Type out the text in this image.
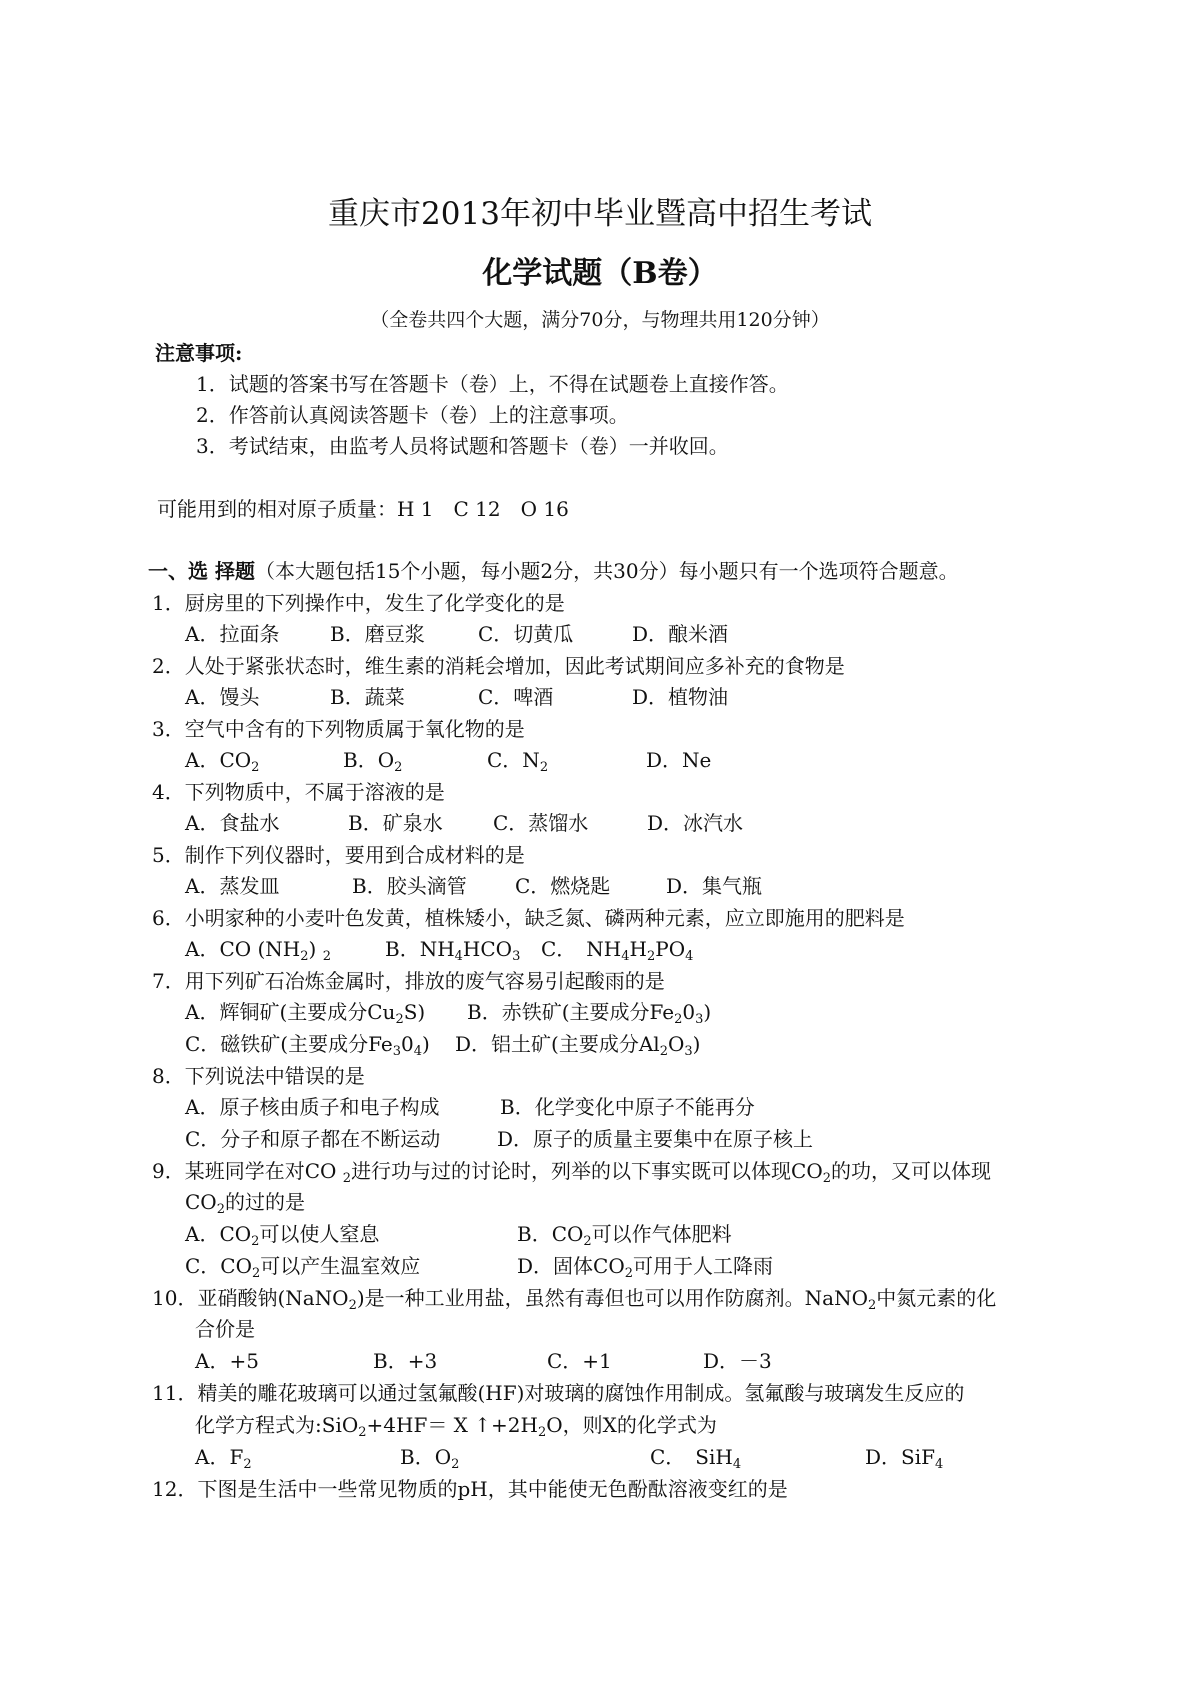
重庆市2013年初中毕业暨高中招生考试
化学试题（B卷）
（全卷共四个大题，满分70分，与物理共用120分钟）
注意事项:
1．试题的答案书写在答题卡（卷）上，不得在试题卷上直接作答。
2．作答前认真阅读答题卡（卷）上的注意事项。
3．考试结束，由监考人员将试题和答题卡（卷）一并收回。
可能用到的相对原子质量：H 1　C 12　O 16
一、选 择题（本大题包括15个小题，每小题2分，共30分）每小题只有一个选项符合题意。
1．厨房里的下列操作中，发生了化学变化的是
A．拉面条	B．磨豆浆	C．切黄瓜	D．酿米酒
2．人处于紧张状态时，维生素的消耗会增加，因此考试期间应多补充的食物是
A．馒头	B．蔬菜	C．啤酒	D．植物油
3．空气中含有的下列物质属于氧化物的是
A．$CO_2$	B．$O_2$	C．$N_2$	D．Ne
4．下列物质中，不属于溶液的是
A．食盐水	B．矿泉水	C．蒸馏水	D．冰汽水
5．制作下列仪器时，要用到合成材料的是
A．蒸发皿	B．胶头滴管 C．燃烧匙	D．集气瓶
6．小明家种的小麦叶色发黄，植株矮小，缺乏氮、磷两种元素，应立即施用的肥料是
A．CO $(NH_2)$ $_2$	B．$NH_4HCO_3$ C．　$NH_4H_2PO_4$
7．用下列矿石冶炼金属时，排放的废气容易引起酸雨的是
A．辉铜矿(主要成分$Cu_2S$) B．赤铁矿(主要成分$Fe_20_3$)
C．磁铁矿(主要成分$Fe_30_4$) D．铝土矿(主要成分$Al_2O_3$)
8．下列说法中错误的是
A．原子核由质子和电子构成	B．化学变化中原子不能再分
C．分子和原子都在不断运动	D．原子的质量主要集中在原子核上
9．某班同学在对CO $_2$进行功与过的讨论时，列举的以下事实既可以体现$CO_2$的功，又可以体现
$CO_2$的过的是
A．$CO_2$可以使人窒息	B．$CO_2$可以作气体肥料
C．$CO_2$可以产生温室效应	D．固体$CO_2$可用于人工降雨
10．亚硝酸钠(NaNO$_2$)是一种工业用盐，虽然有毒但也可以用作防腐剂。NaNO$_2$中氮元素的化
合价是
A．+5	B．+3	C．+1	D．－3
11．精美的雕花玻璃可以通过氢氟酸(HF)对玻璃的腐蚀作用制成。氢氟酸与玻璃发生反应的
化学方程式为:SiO$_2$+4HF＝ X $↑+2H_2O$，则X的化学式为
A．$F_2$	B．$O_2$	C．　SiH$_4$	D．SiF$_4$
12．下图是生活中一些常见物质的pH，其中能使无色酚酞溶液变红的是
